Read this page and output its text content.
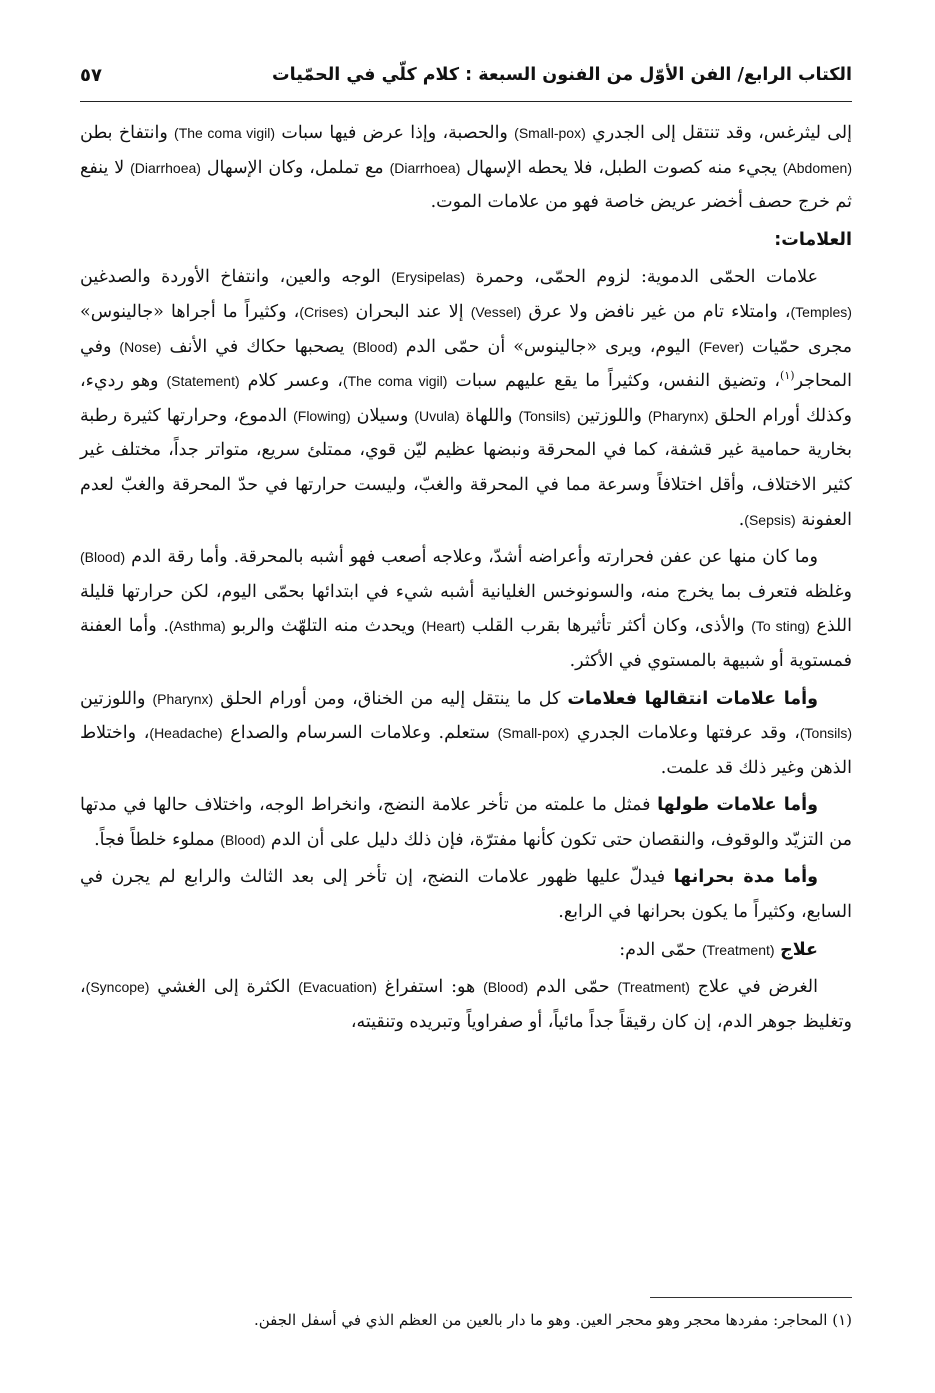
الكتاب الرابع/ الفن الأوّل من الفنون السبعة : كلام كلّي في الحمّيات
٥٧

إلى ليثرغس، وقد تنتقل إلى الجدري (Small-pox) والحصبة، وإذا عرض فيها سبات (The coma vigil) وانتفاخ بطن (Abdomen) يجيء منه كصوت الطبل، فلا يحطه الإسهال (Diarrhoea) مع تململ، وكان الإسهال (Diarrhoea) لا ينفع ثم خرج حصف أخضر عريض خاصة فهو من علامات الموت.

العلامات:

علامات الحمّى الدموية: لزوم الحمّى، وحمرة (Erysipelas) الوجه والعين، وانتفاخ الأوردة والصدغين (Temples)، وامتلاء تام من غير نافض ولا عرق (Vessel) إلا عند البحران (Crises)، وكثيراً ما أجراها «جالينوس» مجرى حمّيات (Fever) اليوم، ويرى «جالينوس» أن حمّى الدم (Blood) يصحبها حكاك في الأنف (Nose) وفي المحاجر$^{(١)}$، وتضيق النفس، وكثيراً ما يقع عليهم سبات (The coma vigil)، وعسر كلام (Statement) وهو رديء، وكذلك أورام الحلق (Pharynx) واللوزتين (Tonsils) واللهاة (Uvula) وسيلان (Flowing) الدموع، وحرارتها كثيرة رطبة بخارية حمامية غير قشفة، كما في المحرقة ونبضها عظيم ليّن قوي، ممتلئ سريع، متواتر جداً، مختلف غير كثير الاختلاف، وأقل اختلافاً وسرعة مما في المحرقة والغبّ، وليست حرارتها في حدّ المحرقة والغبّ لعدم العفونة (Sepsis).

وما كان منها عن عفن فحرارته وأعراضه أشدّ، وعلاجه أصعب فهو أشبه بالمحرقة. وأما رقة الدم (Blood) وغلظه فتعرف بما يخرج منه، والسونوخس الغليانية أشبه شيء في ابتدائها بحمّى اليوم، لكن حرارتها قليلة اللذع (To sting) والأذى، وكان أكثر تأثيرها بقرب القلب (Heart) ويحدث منه التلهّث والربو (Asthma). وأما العفنة فمستوية أو شبيهة بالمستوي في الأكثر.

وأما علامات انتقالها فعلامات كل ما ينتقل إليه من الخناق، ومن أورام الحلق (Pharynx) واللوزتين (Tonsils)، وقد عرفتها وعلامات الجدري (Small-pox) ستعلم. وعلامات السرسام والصداع (Headache)، واختلاط الذهن وغير ذلك قد علمت.

وأما علامات طولها فمثل ما علمته من تأخر علامة النضج، وانخراط الوجه، واختلاف حالها في مدتها من التزيّد والوقوف، والنقصان حتى تكون كأنها مفترّة، فإن ذلك دليل على أن الدم (Blood) مملوء خلطاً فجاً.

وأما مدة بحرانها فيدلّ عليها ظهور علامات النضج، إن تأخر إلى بعد الثالث والرابع لم يجرن في السابع، وكثيراً ما يكون بحرانها في الرابع.

علاج (Treatment) حمّى الدم:

الغرض في علاج (Treatment) حمّى الدم (Blood) هو: استفراغ (Evacuation) الكثرة إلى الغشي (Syncope)، وتغليظ جوهر الدم، إن كان رقيقاً جداً مائياً، أو صفراوياً وتبريده وتنقيته،

(١) المحاجر: مفردها محجر وهو محجر العين. وهو ما دار بالعين من العظم الذي في أسفل الجفن.
